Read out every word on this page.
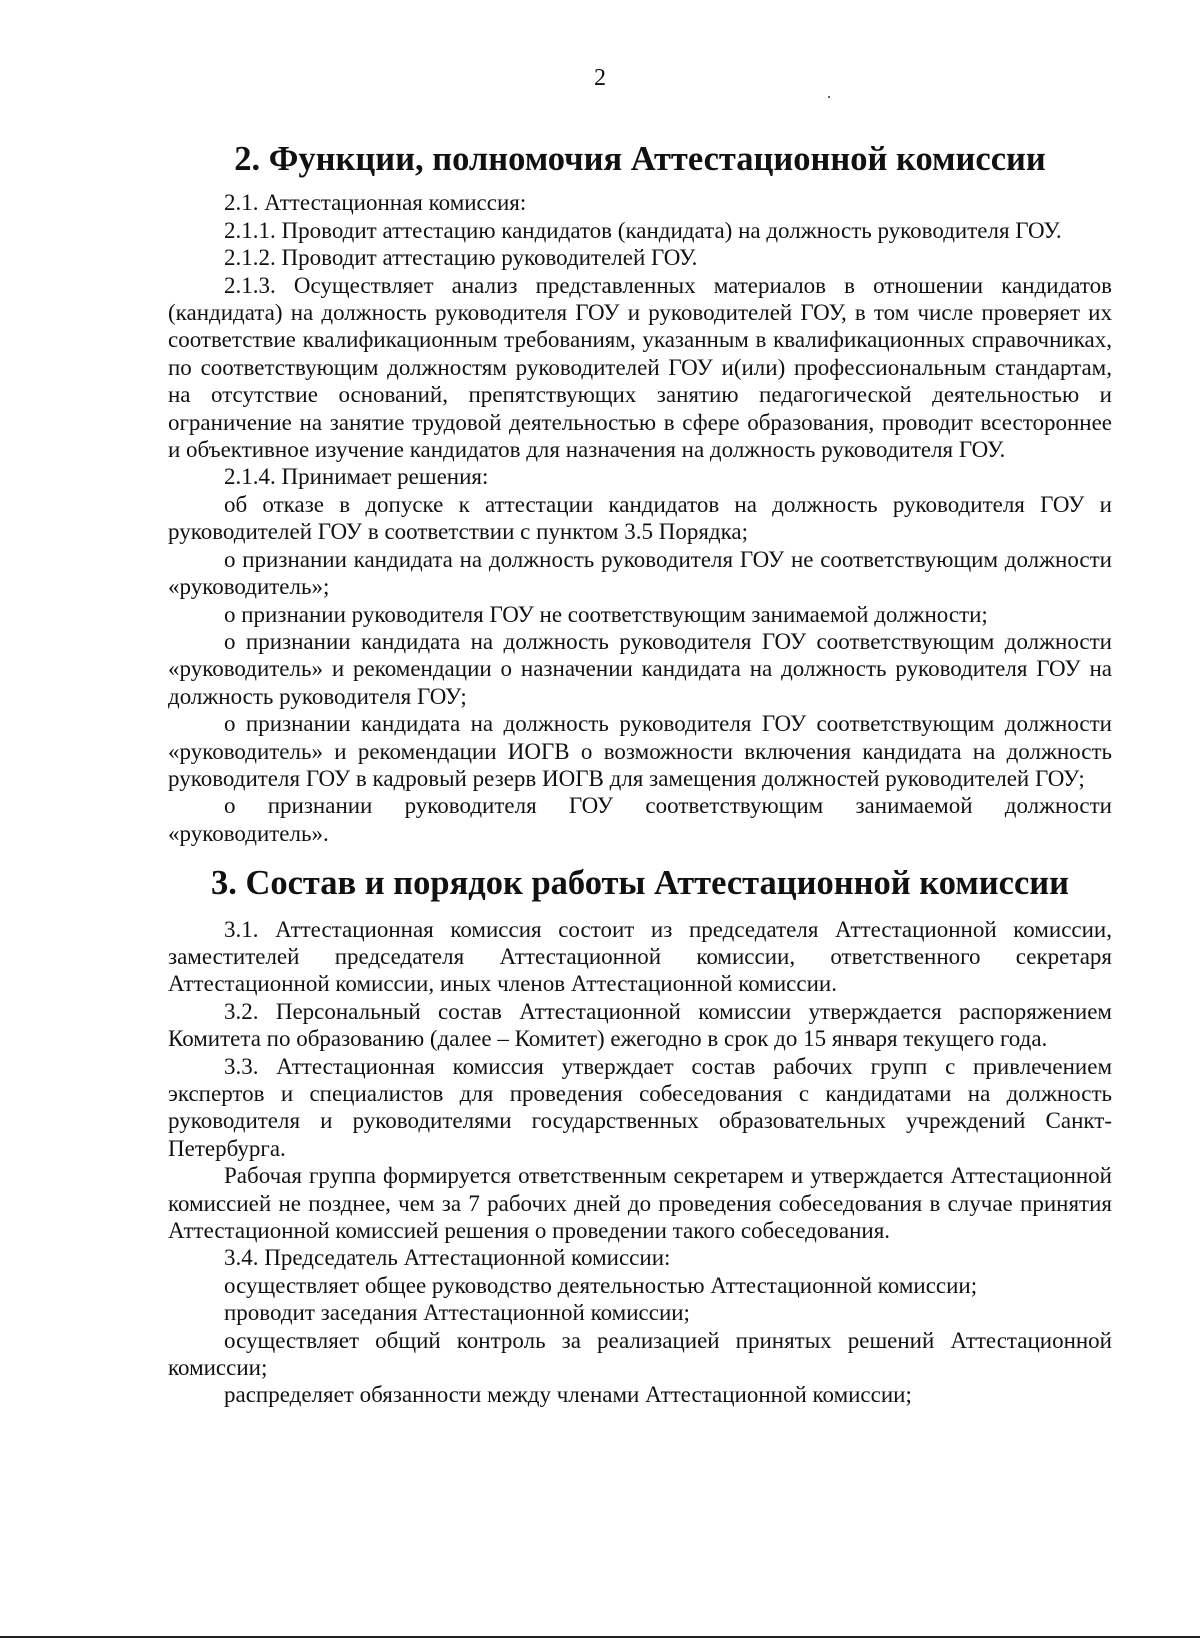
2
2. Функции, полномочия Аттестационной комиссии

2.1. Аттестационная комиссия:

2.1.1. Проводит аттестацию кандидатов (кандидата) на должность руководителя ГОУ.

2.1.2. Проводит аттестацию руководителей ГОУ.

2.1.3. Осуществляет анализ представленных материалов в отношении кандидатов (кандидата) на должность руководителя ГОУ и руководителей ГОУ, в том числе проверяет их соответствие квалификационным требованиям, указанным в квалификационных справочниках, по соответствующим должностям руководителей ГОУ и(или) профессиональным стандартам, на отсутствие оснований, препятствующих занятию педагогической деятельностью и ограничение на занятие трудовой деятельностью в сфере образования, проводит всестороннее и объективное изучение кандидатов для назначения на должность руководителя ГОУ.

2.1.4. Принимает решения:

об отказе в допуске к аттестации кандидатов на должность руководителя ГОУ и руководителей ГОУ в соответствии с пунктом 3.5 Порядка;

о признании кандидата на должность руководителя ГОУ не соответствующим должности «руководитель»;

о признании руководителя ГОУ не соответствующим занимаемой должности;

о признании кандидата на должность руководителя ГОУ соответствующим должности «руководитель» и рекомендации о назначении кандидата на должность руководителя ГОУ на должность руководителя ГОУ;

о признании кандидата на должность руководителя ГОУ соответствующим должности «руководитель» и рекомендации ИОГВ о возможности включения кандидата на должность руководителя ГОУ в кадровый резерв ИОГВ для замещения должностей руководителей ГОУ;

о признании руководителя ГОУ соответствующим занимаемой должности «руководитель».

3. Состав и порядок работы Аттестационной комиссии

3.1. Аттестационная комиссия состоит из председателя Аттестационной комиссии, заместителей председателя Аттестационной комиссии, ответственного секретаря Аттестационной комиссии, иных членов Аттестационной комиссии.

3.2. Персональный состав Аттестационной комиссии утверждается распоряжением Комитета по образованию (далее – Комитет) ежегодно в срок до 15 января текущего года.

3.3. Аттестационная комиссия утверждает состав рабочих групп с привлечением экспертов и специалистов для проведения собеседования с кандидатами на должность руководителя и руководителями государственных образовательных учреждений Санкт-Петербурга.

Рабочая группа формируется ответственным секретарем и утверждается Аттестационной комиссией не позднее, чем за 7 рабочих дней до проведения собеседования в случае принятия Аттестационной комиссией решения о проведении такого собеседования.

3.4. Председатель Аттестационной комиссии:

осуществляет общее руководство деятельностью Аттестационной комиссии;

проводит заседания Аттестационной комиссии;

осуществляет общий контроль за реализацией принятых решений Аттестационной комиссии;

распределяет обязанности между членами Аттестационной комиссии;
